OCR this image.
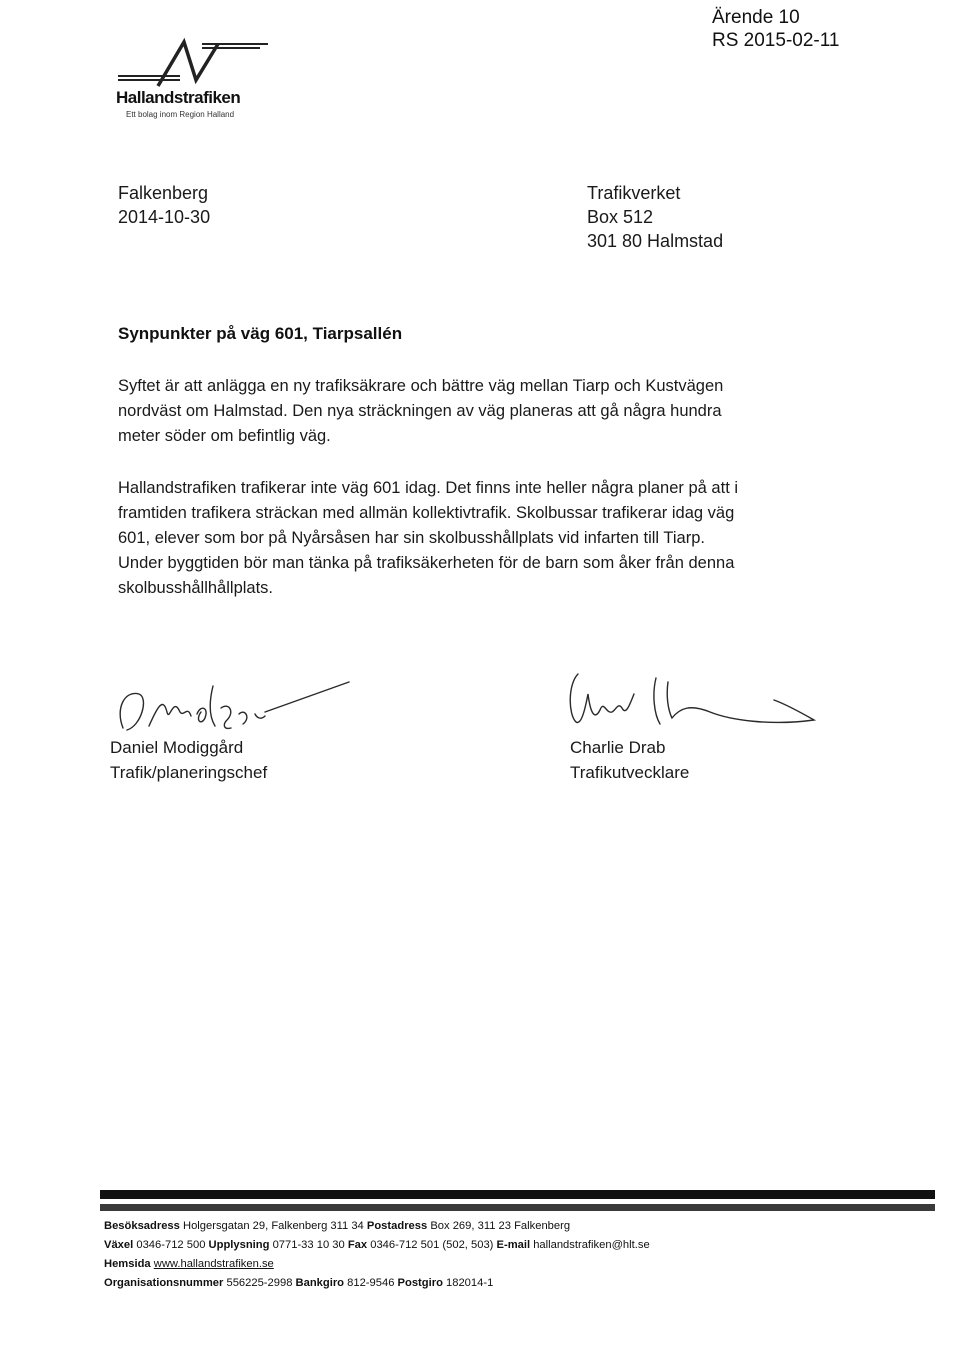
Ärende 10
RS 2015-02-11
Hallandstrafiken
Ett bolag inom Region Halland
Falkenberg
2014-10-30
Trafikverket
Box 512
301 80 Halmstad
Synpunkter på väg 601, Tiarpsallén
Syftet är att anlägga en ny trafiksäkrare och bättre väg mellan Tiarp och Kustvägen
nordväst om Halmstad. Den nya sträckningen av väg planeras att gå några hundra
meter söder om befintlig väg.
Hallandstrafiken trafikerar inte väg 601 idag. Det finns inte heller några planer på att i
framtiden trafikera sträckan med allmän kollektivtrafik. Skolbussar trafikerar idag väg
601, elever som bor på Nyårsåsen har sin skolbusshållplats vid infarten till Tiarp.
Under byggtiden bör man tänka på trafiksäkerheten för de barn som åker från denna
skolbusshållhållplats.
Daniel Modiggård
Trafik/planeringschef
Charlie Drab
Trafikutvecklare
Besöksadress Holgersgatan 29, Falkenberg 311 34 Postadress Box 269, 311 23 Falkenberg
Växel 0346-712 500 Upplysning 0771-33 10 30 Fax 0346-712 501 (502, 503) E-mail hallandstrafiken@hlt.se
Hemsida www.hallandstrafiken.se
Organisationsnummer 556225-2998 Bankgiro 812-9546 Postgiro 182014-1
